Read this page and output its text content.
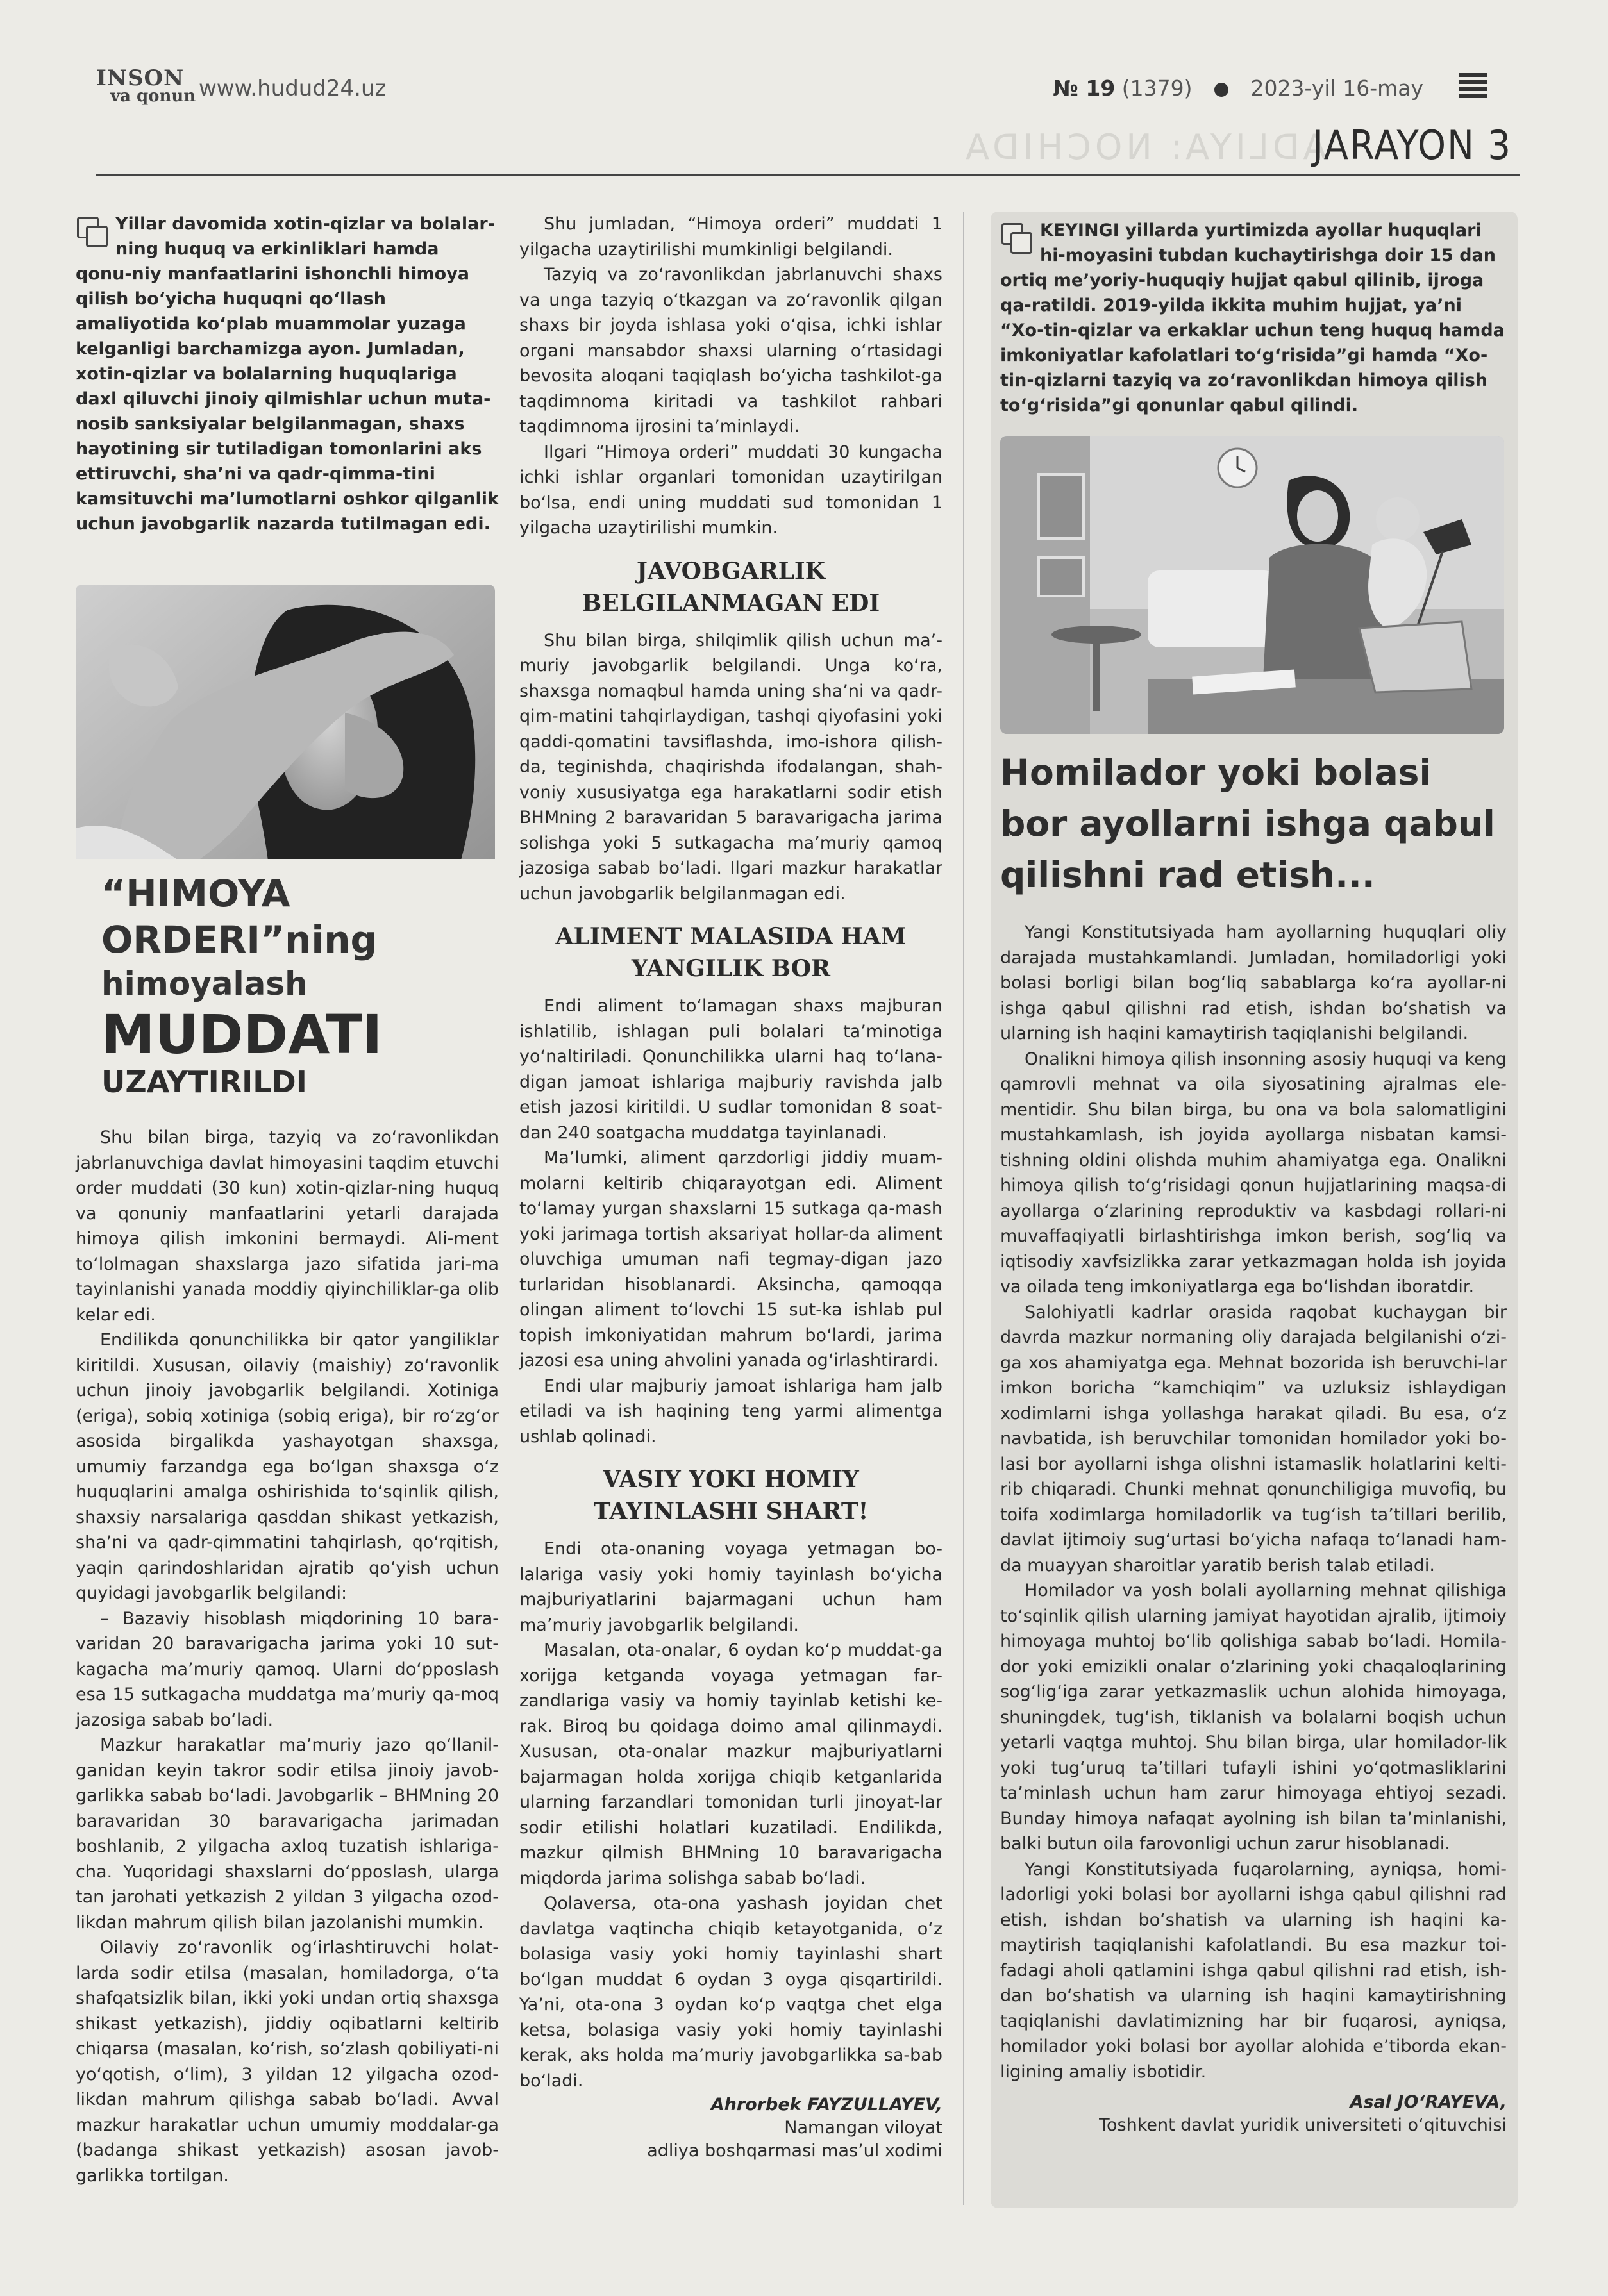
INSON
va qonun www.hudud24.uz	№ 19 (1379)	2023-yil 16-may
ADLIYA: NOCHIDA
JARAYON 3
Yillar davomida xotin-qizlar va bolalar-ning huquq va erkinliklari hamda qonu-niy manfaatlarini ishonchli himoya qilish bo‘yicha huquqni qo‘llash amaliyotida ko‘plab muammolar yuzaga kelganligi barchamizga ayon. Jumladan, xotin-qizlar va bolalarning huquqlariga daxl qiluvchi jinoiy qilmishlar uchun muta-nosib sanksiyalar belgilanmagan, shaxs hayotining sir tutiladigan tomonlarini aks ettiruvchi, sha’ni va qadr-qimma-tini kamsituvchi ma’lumotlarni oshkor qilganlik uchun javobgarlik nazarda tutilmagan edi.
“HIMOYA
ORDERI”ning
himoyalash
MUDDATI
UZAYTIRILDI

Shu bilan birga, tazyiq va zo‘ravonlikdan jabrlanuvchiga davlat himoyasini taqdim etuvchi order muddati (30 kun) xotin-qizlar-ning huquq va qonuniy manfaatlarini yetarli darajada himoya qilish imkonini bermaydi. Ali-ment to‘lolmagan shaxslarga jazo sifatida jari-ma tayinlanishi yanada moddiy qiyinchiliklar-ga olib kelar edi.

Endilikda qonunchilikka bir qator yangiliklar kiritildi. Xususan, oilaviy (maishiy) zo‘ravonlik uchun jinoiy javobgarlik belgilandi. Xotiniga (eriga), sobiq xotiniga (sobiq eriga), bir ro‘zg‘or asosida birgalikda yashayotgan shaxsga, umumiy farzandga ega bo‘lgan shaxsga o‘z huquqlarini amalga oshirishida to‘sqinlik qilish, shaxsiy narsalariga qasddan shikast yetkazish, sha’ni va qadr-qimmatini tahqirlash, qo‘rqitish, yaqin qarindoshlaridan ajratib qo‘yish uchun quyidagi javobgarlik belgilandi:

– Bazaviy hisoblash miqdorining 10 bara-varidan 20 baravarigacha jarima yoki 10 sut-kagacha ma’muriy qamoq. Ularni do‘pposlash esa 15 sutkagacha muddatga ma’muriy qa-moq jazosiga sabab bo‘ladi.

Mazkur harakatlar ma’muriy jazo qo‘llanil-ganidan keyin takror sodir etilsa jinoiy javob-garlikka sabab bo‘ladi. Javobgarlik – BHMning 20 baravaridan 30 baravarigacha jarimadan boshlanib, 2 yilgacha axloq tuzatish ishlariga-cha. Yuqoridagi shaxslarni do‘pposlash, ularga tan jarohati yetkazish 2 yildan 3 yilgacha ozod-likdan mahrum qilish bilan jazolanishi mumkin.

Oilaviy zo‘ravonlik og‘irlashtiruvchi holat-larda sodir etilsa (masalan, homiladorga, o‘ta shafqatsizlik bilan, ikki yoki undan ortiq shaxsga shikast yetkazish), jiddiy oqibatlarni keltirib chiqarsa (masalan, ko‘rish, so‘zlash qobiliyati-ni yo‘qotish, o‘lim), 3 yildan 12 yilgacha ozod-likdan mahrum qilishga sabab bo‘ladi. Avval mazkur harakatlar uchun umumiy moddalar-ga (badanga shikast yetkazish) asosan javob-garlikka tortilgan.

Shu jumladan, “Himoya orderi” muddati 1 yilgacha uzaytirilishi mumkinligi belgilandi.

Tazyiq va zo‘ravonlikdan jabrlanuvchi shaxs va unga tazyiq o‘tkazgan va zo‘ravonlik qilgan shaxs bir joyda ishlasa yoki o‘qisa, ichki ishlar organi mansabdor shaxsi ularning o‘rtasidagi bevosita aloqani taqiqlash bo‘yicha tashkilot-ga taqdimnoma kiritadi va tashkilot rahbari taqdimnoma ijrosini ta’minlaydi.

Ilgari “Himoya orderi” muddati 30 kungacha ichki ishlar organlari tomonidan uzaytirilgan bo‘lsa, endi uning muddati sud tomonidan 1 yilgacha uzaytirilishi mumkin.

JAVOBGARLIK
BELGILANMAGAN EDI

Shu bilan birga, shilqimlik qilish uchun ma’-muriy javobgarlik belgilandi. Unga ko‘ra, shaxsga nomaqbul hamda uning sha’ni va qadr-qim-matini tahqirlaydigan, tashqi qiyofasini yoki qaddi-qomatini tavsiflashda, imo-ishora qilish-da, teginishda, chaqirishda ifodalangan, shah-voniy xususiyatga ega harakatlarni sodir etish BHMning 2 baravaridan 5 baravarigacha jarima solishga yoki 5 sutkagacha ma’muriy qamoq jazosiga sabab bo‘ladi. Ilgari mazkur harakatlar uchun javobgarlik belgilanmagan edi.

ALIMENT MALASIDA HAM
YANGILIK BOR

Endi aliment to‘lamagan shaxs majburan ishlatilib, ishlagan puli bolalari ta’minotiga yo‘naltiriladi. Qonunchilikka ularni haq to‘lana-digan jamoat ishlariga majburiy ravishda jalb etish jazosi kiritildi. U sudlar tomonidan 8 soat-dan 240 soatgacha muddatga tayinlanadi.

Ma’lumki, aliment qarzdorligi jiddiy muam-molarni keltirib chiqarayotgan edi. Aliment to‘lamay yurgan shaxslarni 15 sutkaga qa-mash yoki jarimaga tortish aksariyat hollar-da aliment oluvchiga umuman nafi tegmay-digan jazo turlaridan hisoblanardi. Aksincha, qamoqqa olingan aliment to‘lovchi 15 sut-ka ishlab pul topish imkoniyatidan mahrum bo‘lardi, jarima jazosi esa uning ahvolini yanada og‘irlashtirardi.

Endi ular majburiy jamoat ishlariga ham jalb etiladi va ish haqining teng yarmi alimentga ushlab qolinadi.

VASIY YOKI HOMIY
TAYINLASHI SHART!

Endi ota-onaning voyaga yetmagan bo-lalariga vasiy yoki homiy tayinlash bo‘yicha majburiyatlarini bajarmagani uchun ham ma’muriy javobgarlik belgilandi.

Masalan, ota-onalar, 6 oydan ko‘p muddat-ga xorijga ketganda voyaga yetmagan far-zandlariga vasiy va homiy tayinlab ketishi ke-rak. Biroq bu qoidaga doimo amal qilinmaydi. Xususan, ota-onalar mazkur majburiyatlarni bajarmagan holda xorijga chiqib ketganlarida ularning farzandlari tomonidan turli jinoyat-lar sodir etilishi holatlari kuzatiladi. Endilikda, mazkur qilmish BHMning 10 baravarigacha miqdorda jarima solishga sabab bo‘ladi.

Qolaversa, ota-ona yashash joyidan chet davlatga vaqtincha chiqib ketayotganida, o‘z bolasiga vasiy yoki homiy tayinlashi shart bo‘lgan muddat 6 oydan 3 oyga qisqartirildi. Ya’ni, ota-ona 3 oydan ko‘p vaqtga chet elga ketsa, bolasiga vasiy yoki homiy tayinlashi kerak, aks holda ma’muriy javobgarlikka sa-bab bo‘ladi.

Ahrorbek FAYZULLAYEV,
Namangan viloyat
adliya boshqarmasi mas’ul xodimi
KEYINGI yillarda yurtimizda ayollar huquqlari hi-moyasini tubdan kuchaytirishga doir 15 dan ortiq me’yoriy-huquqiy hujjat qabul qilinib, ijroga qa-ratildi. 2019-yilda ikkita muhim hujjat, ya’ni “Xo-tin-qizlar va erkaklar uchun teng huquq hamda imkoniyatlar kafolatlari to‘g‘risida”gi hamda “Xo-tin-qizlarni tazyiq va zo‘ravonlikdan himoya qilish to‘g‘risida”gi qonunlar qabul qilindi.
Homilador yoki bolasi bor ayollarni ishga qabul qilishni rad etish...

Yangi Konstitutsiyada ham ayollarning huquqlari oliy darajada mustahkamlandi. Jumladan, homiladorligi yoki bolasi borligi bilan bog‘liq sabablarga ko‘ra ayollar-ni ishga qabul qilishni rad etish, ishdan bo‘shatish va ularning ish haqini kamaytirish taqiqlanishi belgilandi.

Onalikni himoya qilish insonning asosiy huquqi va keng qamrovli mehnat va oila siyosatining ajralmas ele-mentidir. Shu bilan birga, bu ona va bola salomatligini mustahkamlash, ish joyida ayollarga nisbatan kamsi-tishning oldini olishda muhim ahamiyatga ega. Onalikni himoya qilish to‘g‘risidagi qonun hujjatlarining maqsa-di ayollarga o‘zlarining reproduktiv va kasbdagi rollari-ni muvaffaqiyatli birlashtirishga imkon berish, sog‘liq va iqtisodiy xavfsizlikka zarar yetkazmagan holda ish joyida va oilada teng imkoniyatlarga ega bo‘lishdan iboratdir.

Salohiyatli kadrlar orasida raqobat kuchaygan bir davrda mazkur normaning oliy darajada belgilanishi o‘zi-ga xos ahamiyatga ega. Mehnat bozorida ish beruvchi-lar imkon boricha “kamchiqim” va uzluksiz ishlaydigan xodimlarni ishga yollashga harakat qiladi. Bu esa, o‘z navbatida, ish beruvchilar tomonidan homilador yoki bo-lasi bor ayollarni ishga olishni istamaslik holatlarini kelti-rib chiqaradi. Chunki mehnat qonunchiligiga muvofiq, bu toifa xodimlarga homiladorlik va tug‘ish ta’tillari berilib, davlat ijtimoiy sug‘urtasi bo‘yicha nafaqa to‘lanadi ham-da muayyan sharoitlar yaratib berish talab etiladi.

Homilador va yosh bolali ayollarning mehnat qilishiga to‘sqinlik qilish ularning jamiyat hayotidan ajralib, ijtimoiy himoyaga muhtoj bo‘lib qolishiga sabab bo‘ladi. Homila-dor yoki emizikli onalar o‘zlarining yoki chaqaloqlarining sog‘lig‘iga zarar yetkazmaslik uchun alohida himoyaga, shuningdek, tug‘ish, tiklanish va bolalarni boqish uchun yetarli vaqtga muhtoj. Shu bilan birga, ular homilador-lik yoki tug‘uruq ta’tillari tufayli ishini yo‘qotmasliklarini ta’minlash uchun ham zarur himoyaga ehtiyoj sezadi. Bunday himoya nafaqat ayolning ish bilan ta’minlanishi, balki butun oila farovonligi uchun zarur hisoblanadi.

Yangi Konstitutsiyada fuqarolarning, ayniqsa, homi-ladorligi yoki bolasi bor ayollarni ishga qabul qilishni rad etish, ishdan bo‘shatish va ularning ish haqini ka-maytirish taqiqlanishi kafolatlandi. Bu esa mazkur toi-fadagi aholi qatlamini ishga qabul qilishni rad etish, ish-dan bo‘shatish va ularning ish haqini kamaytirishning taqiqlanishi davlatimizning har bir fuqarosi, ayniqsa, homilador yoki bolasi bor ayollar alohida e’tiborda ekan-ligining amaliy isbotidir.

Asal JO‘RAYEVA,
Toshkent davlat yuridik universiteti o‘qituvchisi
